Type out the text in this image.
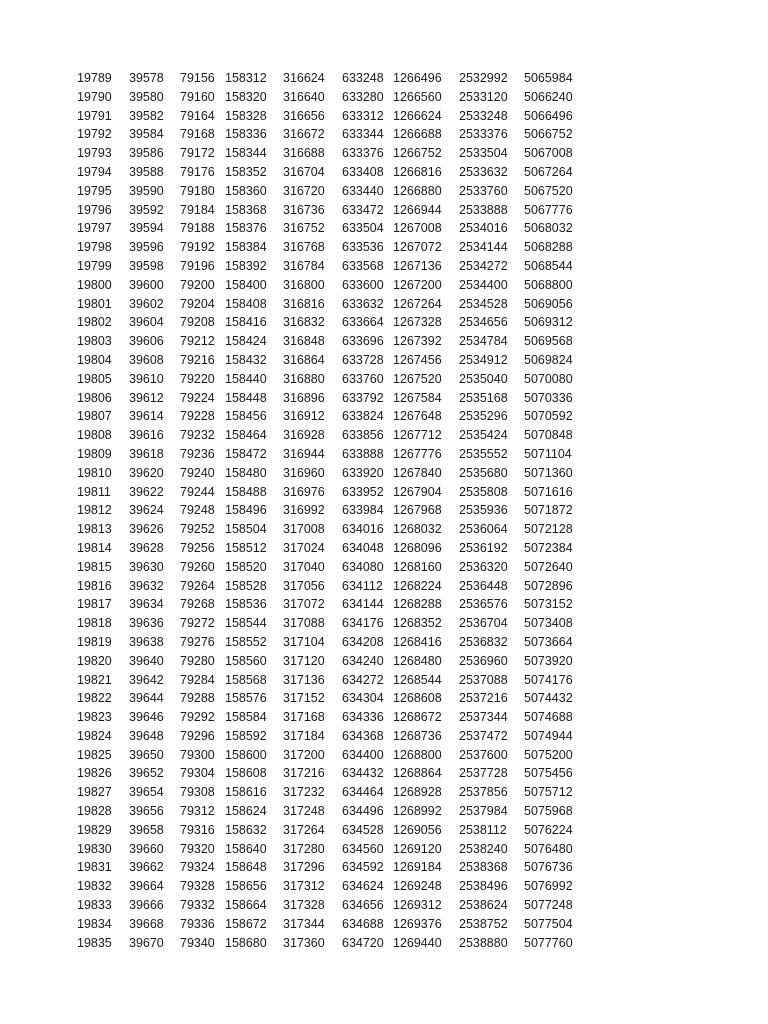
19789 39578 79156 158312 316624 633248 1266496 2532992 5065984
19790 39580 79160 158320 316640 633280 1266560 2533120 5066240
19791 39582 79164 158328 316656 633312 1266624 2533248 5066496
19792 39584 79168 158336 316672 633344 1266688 2533376 5066752
19793 39586 79172 158344 316688 633376 1266752 2533504 5067008
19794 39588 79176 158352 316704 633408 1266816 2533632 5067264
19795 39590 79180 158360 316720 633440 1266880 2533760 5067520
19796 39592 79184 158368 316736 633472 1266944 2533888 5067776
19797 39594 79188 158376 316752 633504 1267008 2534016 5068032
19798 39596 79192 158384 316768 633536 1267072 2534144 5068288
19799 39598 79196 158392 316784 633568 1267136 2534272 5068544
19800 39600 79200 158400 316800 633600 1267200 2534400 5068800
19801 39602 79204 158408 316816 633632 1267264 2534528 5069056
19802 39604 79208 158416 316832 633664 1267328 2534656 5069312
19803 39606 79212 158424 316848 633696 1267392 2534784 5069568
19804 39608 79216 158432 316864 633728 1267456 2534912 5069824
19805 39610 79220 158440 316880 633760 1267520 2535040 5070080
19806 39612 79224 158448 316896 633792 1267584 2535168 5070336
19807 39614 79228 158456 316912 633824 1267648 2535296 5070592
19808 39616 79232 158464 316928 633856 1267712 2535424 5070848
19809 39618 79236 158472 316944 633888 1267776 2535552 5071104
19810 39620 79240 158480 316960 633920 1267840 2535680 5071360
19811 39622 79244 158488 316976 633952 1267904 2535808 5071616
19812 39624 79248 158496 316992 633984 1267968 2535936 5071872
19813 39626 79252 158504 317008 634016 1268032 2536064 5072128
19814 39628 79256 158512 317024 634048 1268096 2536192 5072384
19815 39630 79260 158520 317040 634080 1268160 2536320 5072640
19816 39632 79264 158528 317056 634112 1268224 2536448 5072896
19817 39634 79268 158536 317072 634144 1268288 2536576 5073152
19818 39636 79272 158544 317088 634176 1268352 2536704 5073408
19819 39638 79276 158552 317104 634208 1268416 2536832 5073664
19820 39640 79280 158560 317120 634240 1268480 2536960 5073920
19821 39642 79284 158568 317136 634272 1268544 2537088 5074176
19822 39644 79288 158576 317152 634304 1268608 2537216 5074432
19823 39646 79292 158584 317168 634336 1268672 2537344 5074688
19824 39648 79296 158592 317184 634368 1268736 2537472 5074944
19825 39650 79300 158600 317200 634400 1268800 2537600 5075200
19826 39652 79304 158608 317216 634432 1268864 2537728 5075456
19827 39654 79308 158616 317232 634464 1268928 2537856 5075712
19828 39656 79312 158624 317248 634496 1268992 2537984 5075968
19829 39658 79316 158632 317264 634528 1269056 2538112 5076224
19830 39660 79320 158640 317280 634560 1269120 2538240 5076480
19831 39662 79324 158648 317296 634592 1269184 2538368 5076736
19832 39664 79328 158656 317312 634624 1269248 2538496 5076992
19833 39666 79332 158664 317328 634656 1269312 2538624 5077248
19834 39668 79336 158672 317344 634688 1269376 2538752 5077504
19835 39670 79340 158680 317360 634720 1269440 2538880 5077760
